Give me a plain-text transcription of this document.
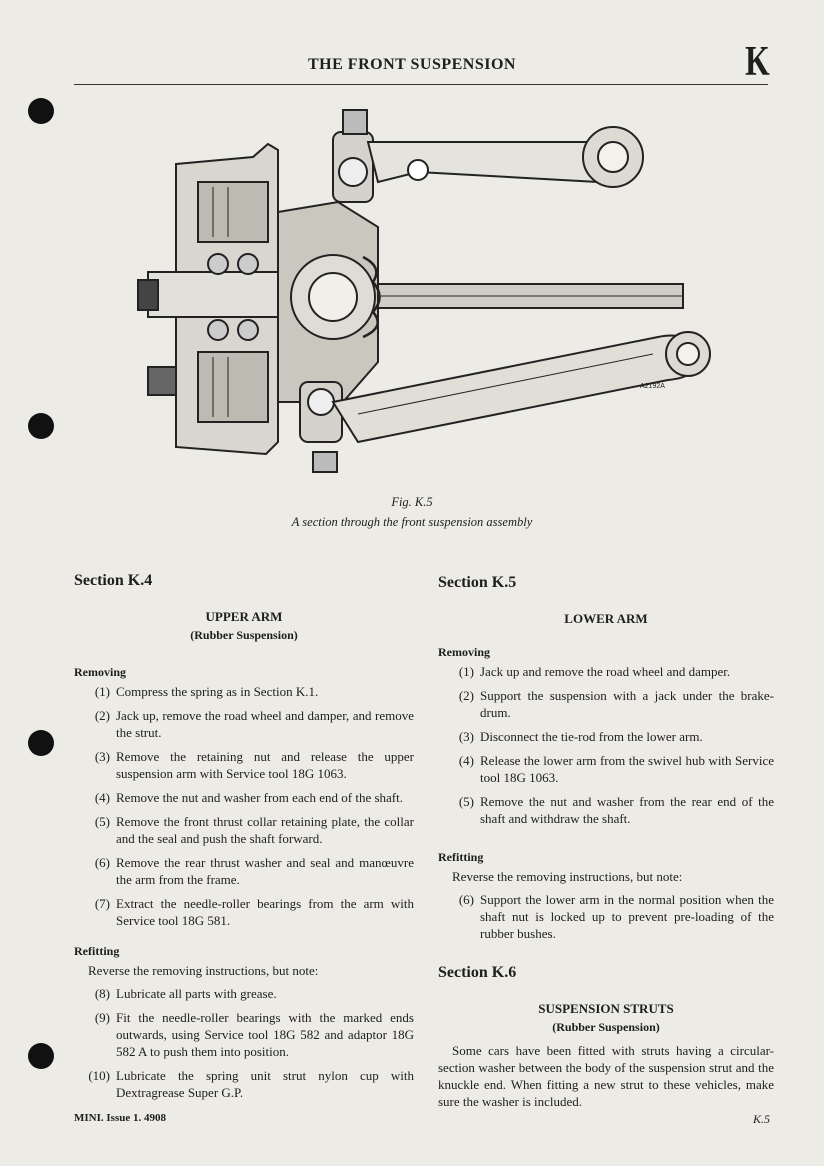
THE FRONT SUSPENSION	K
A2192A
Fig. K.5
A section through the front suspension assembly
Section K.4
UPPER ARM
(Rubber Suspension)
Removing
(1) Compress the spring as in Section K.1.
(2) Jack up, remove the road wheel and damper, and remove the strut.
(3) Remove the retaining nut and release the upper suspension arm with Service tool 18G 1063.
(4) Remove the nut and washer from each end of the shaft.
(5) Remove the front thrust collar retaining plate, the collar and the seal and push the shaft forward.
(6) Remove the rear thrust washer and seal and manœuvre the arm from the frame.
(7) Extract the needle-roller bearings from the arm with Service tool 18G 581.
Refitting
Reverse the removing instructions, but note:
(8) Lubricate all parts with grease.
(9) Fit the needle-roller bearings with the marked ends outwards, using Service tool 18G 582 and adaptor 18G 582 A to push them into position.
(10) Lubricate the spring unit strut nylon cup with Dextragrease Super G.P.
Section K.5
LOWER ARM
Removing
(1) Jack up and remove the road wheel and damper.
(2) Support the suspension with a jack under the brake-drum.
(3) Disconnect the tie-rod from the lower arm.
(4) Release the lower arm from the swivel hub with Service tool 18G 1063.
(5) Remove the nut and washer from the rear end of the shaft and withdraw the shaft.
Refitting
Reverse the removing instructions, but note:
(6) Support the lower arm in the normal position when the shaft nut is locked up to prevent pre-loading of the rubber bushes.
Section K.6
SUSPENSION STRUTS
(Rubber Suspension)

Some cars have been fitted with struts having a circular-section washer between the body of the suspension strut and the knuckle end. When fitting a new strut to these vehicles, make sure the washer is included.

MINI. Issue 1. 4908	K.5
